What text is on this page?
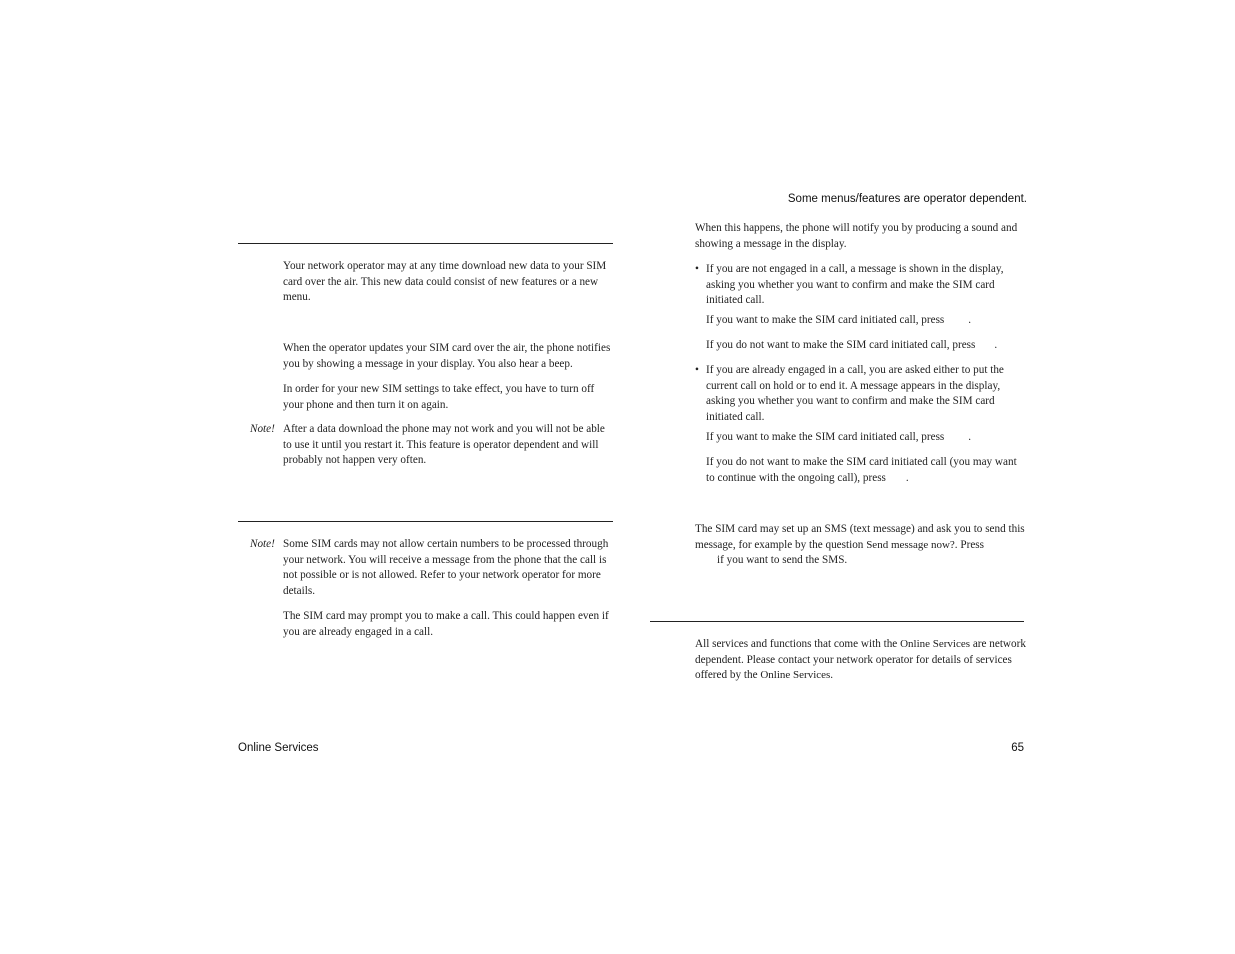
Some menus/features are operator dependent.
Your network operator may at any time download new data to your SIM card over the air. This new data could consist of new features or a new menu.
When the operator updates your SIM card over the air, the phone notifies you by showing a message in your display. You also hear a beep.
In order for your new SIM settings to take effect, you have to turn off your phone and then turn it on again.
Note! After a data download the phone may not work and you will not be able to use it until you restart it. This feature is operator dependent and will probably not happen very often.
Note! Some SIM cards may not allow certain numbers to be processed through your network. You will receive a message from the phone that the call is not possible or is not allowed. Refer to your network operator for more details.
The SIM card may prompt you to make a call. This could happen even if you are already engaged in a call.
When this happens, the phone will notify you by producing a sound and showing a message in the display.
• If you are not engaged in a call, a message is shown in the display, asking you whether you want to confirm and make the SIM card initiated call.
If you want to make the SIM card initiated call, press .
If you do not want to make the SIM card initiated call, press .
• If you are already engaged in a call, you are asked either to put the current call on hold or to end it. A message appears in the display, asking you whether you want to confirm and make the SIM card initiated call.
If you want to make the SIM card initiated call, press .
If you do not want to make the SIM card initiated call (you may want to continue with the ongoing call), press .
The SIM card may set up an SMS (text message) and ask you to send this message, for example by the question Send message now?. Press
if you want to send the SMS.
All services and functions that come with the Online Services are network dependent. Please contact your network operator for details of services offered by the Online Services.
Online Services	65
